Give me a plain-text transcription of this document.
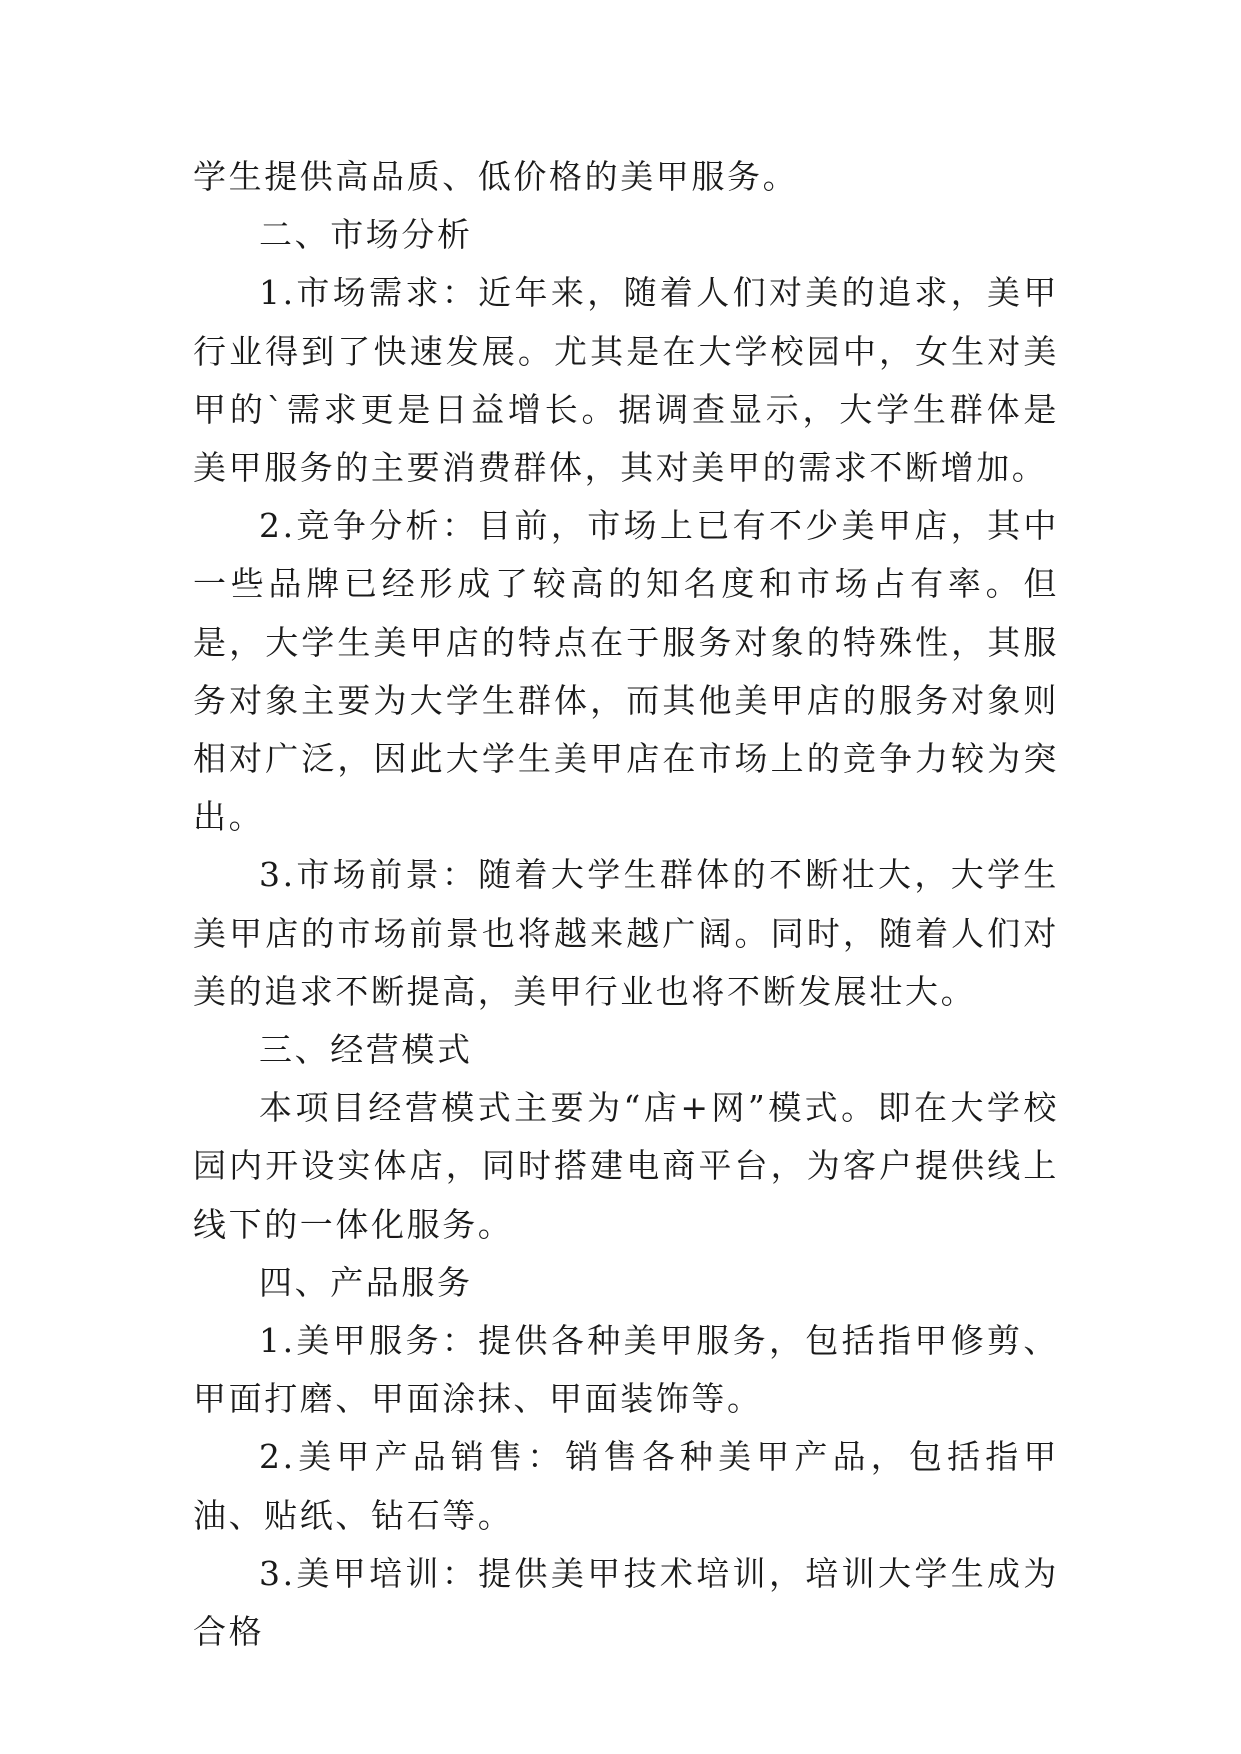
学生提供高品质、低价格的美甲服务。

二、市场分析

1.市场需求：近年来，随着人们对美的追求，美甲行业得到了快速发展。尤其是在大学校园中，女生对美甲的`需求更是日益增长。据调查显示，大学生群体是美甲服务的主要消费群体，其对美甲的需求不断增加。

2.竞争分析：目前，市场上已有不少美甲店，其中一些品牌已经形成了较高的知名度和市场占有率。但是，大学生美甲店的特点在于服务对象的特殊性，其服务对象主要为大学生群体，而其他美甲店的服务对象则相对广泛，因此大学生美甲店在市场上的竞争力较为突出。

3.市场前景：随着大学生群体的不断壮大，大学生美甲店的市场前景也将越来越广阔。同时，随着人们对美的追求不断提高，美甲行业也将不断发展壮大。

三、经营模式

本项目经营模式主要为“店+网”模式。即在大学校园内开设实体店，同时搭建电商平台，为客户提供线上线下的一体化服务。

四、产品服务

1.美甲服务：提供各种美甲服务，包括指甲修剪、甲面打磨、甲面涂抹、甲面装饰等。

2.美甲产品销售：销售各种美甲产品，包括指甲油、贴纸、钻石等。

3.美甲培训：提供美甲技术培训，培训大学生成为合格
